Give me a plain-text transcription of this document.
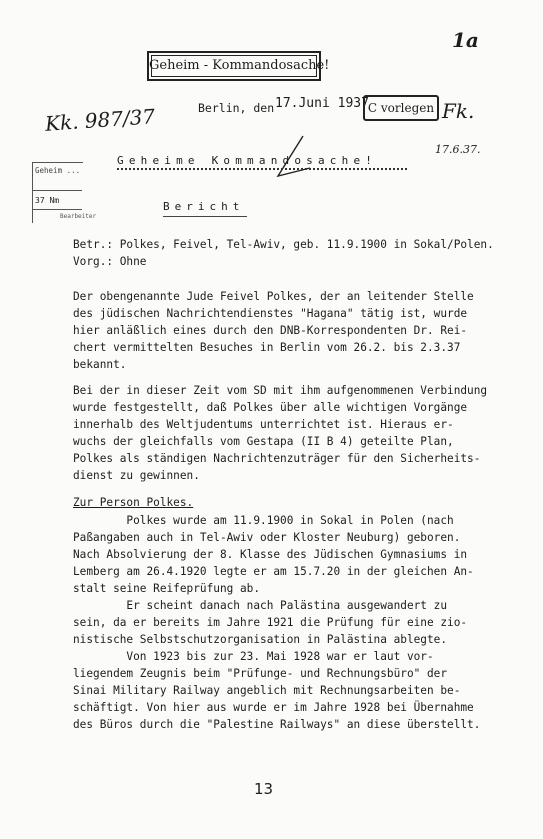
1a
Geheim - Kommandosache!
Kk. 987/37	Berlin, den 17.Juni 1937
C vorlegen Fk.
17.6.37.
Geheim ...
37 Nm
Bearbeiter
Geheime Kommandosache!
Bericht
Betr.: Polkes, Feivel, Tel-Awiv, geb. 11.9.1900 in Sokal/Polen.
Vorg.: Ohne
Der obengenannte Jude Feivel Polkes, der an leitender Stelle
des jüdischen Nachrichtendienstes "Hagana" tätig ist, wurde
hier anläßlich eines durch den DNB-Korrespondenten Dr. Rei-
chert vermittelten Besuches in Berlin vom 26.2. bis 2.3.37
bekannt.
Bei der in dieser Zeit vom SD mit ihm aufgenommenen Verbindung
wurde festgestellt, daß Polkes über alle wichtigen Vorgänge
innerhalb des Weltjudentums unterrichtet ist. Hieraus er-
wuchs der gleichfalls vom Gestapa (II B 4) geteilte Plan,
Polkes als ständigen Nachrichtenzuträger für den Sicherheits-
dienst zu gewinnen.
Zur Person Polkes.
Polkes wurde am 11.9.1900 in Sokal in Polen (nach
Paßangaben auch in Tel-Awiv oder Kloster Neuburg) geboren.
Nach Absolvierung der 8. Klasse des Jüdischen Gymnasiums in
Lemberg am 26.4.1920 legte er am 15.7.20 in der gleichen An-
stalt seine Reifeprüfung ab.
Er scheint danach nach Palästina ausgewandert zu
sein, da er bereits im Jahre 1921 die Prüfung für eine zio-
nistische Selbstschutzorganisation in Palästina ablegte.
Von 1923 bis zur 23. Mai 1928 war er laut vor-
liegendem Zeugnis beim "Prüfunge- und Rechnungsbüro" der
Sinai Military Railway angeblich mit Rechnungsarbeiten be-
schäftigt. Von hier aus wurde er im Jahre 1928 bei Übernahme
des Büros durch die "Palestine Railways" an diese überstellt.
13
